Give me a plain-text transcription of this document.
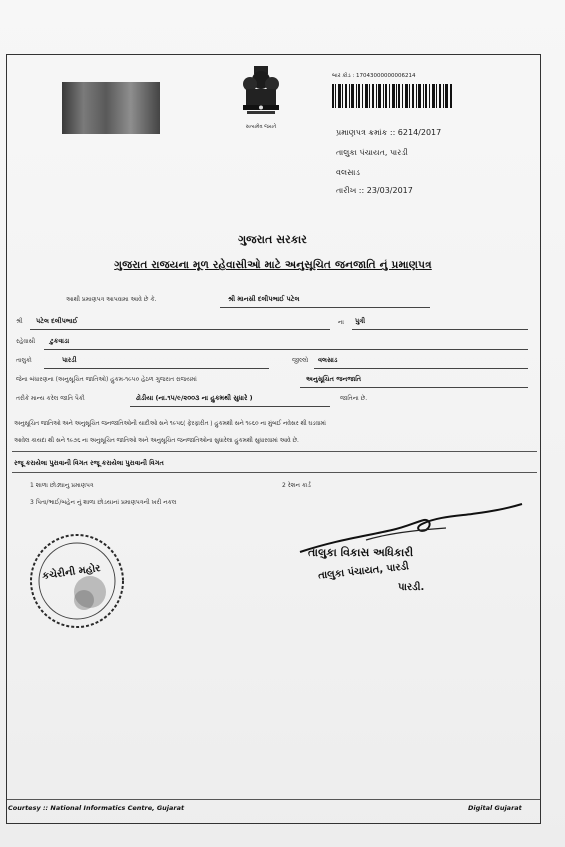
સત્યમેવ જયતે
બાર કોડ : 17043000000006214
પ્રમાણપત્ર ક્રમાંક :: 6214/2017
તાલુકા પંચાયત, પારડી
વલસાડ
તારીખ :: 23/03/2017
ગુજરાત સરકાર
ગુજરાત રાજયના મૂળ રહેવાસીઓ માટે અનુસૂચિત જનજાતિ નું પ્રમાણપત્ર
આથી પ્રમાણપત્ર આપવામા આવે છે કે.	શ્રી માનસી દલીપભાઈ પટેલ
શ્રી પટેલ દલીપભાઈ	ના પુત્રી
રહેવાસી ટુકવાડા
તાલુકો	પારડી	જીલ્લો વલસાડ
જેના બંધારણના (અનુસૂચિત જાતિઓ) હુકમ-૧૯૫૦ હેઠળ ગુજરાત રાજયમાં	અનુસૂચિત જનજાતિ
તરીકે માન્ય કરેલ જાતિ પૈકી	ઢોડીયા (ના.૧૫/૯/૨૦૦૩ ના હુકમથી સુધારે )	જાતિના છે.
અનુસૂચિત જાતિઓ અને અનુસૂચિત જનજાતિઓની યાદીઓ સને ૧૯૫૬( ફેરફારીત ) હુકમથી સને ૧૯૬૦ ના મુંબઈ નવેસર થી ઘડવામાં
આવેલ કાયદા થી સને ૧૯૭૬ ના અનુસૂચિત જાતિઓ અને અનુસૂચિત જનજાતિઓના સુધારેલા હુકમથી સુધારવામાં આવે છે.
રજૂ કરાયેલા પુરાવાની વિગત રજૂ કરાયેલા પુરાવાની વિગત
1 શાળા છોડ્યાનુ પ્રમાણપત્ર	2 રેશન કાર્ડ
3 પિતા/ભાઈ/બહેન નું શાળા છોડયાનાં પ્રમાણપત્રની ખરી નકલ
કચેરીની મહોર
તાલુકા વિકાસ અધિકારી
તાલુકા પંચાયત, પારડી
પારડી.
Courtesy :: National Informatics Centre, Gujarat	Digital Gujarat
